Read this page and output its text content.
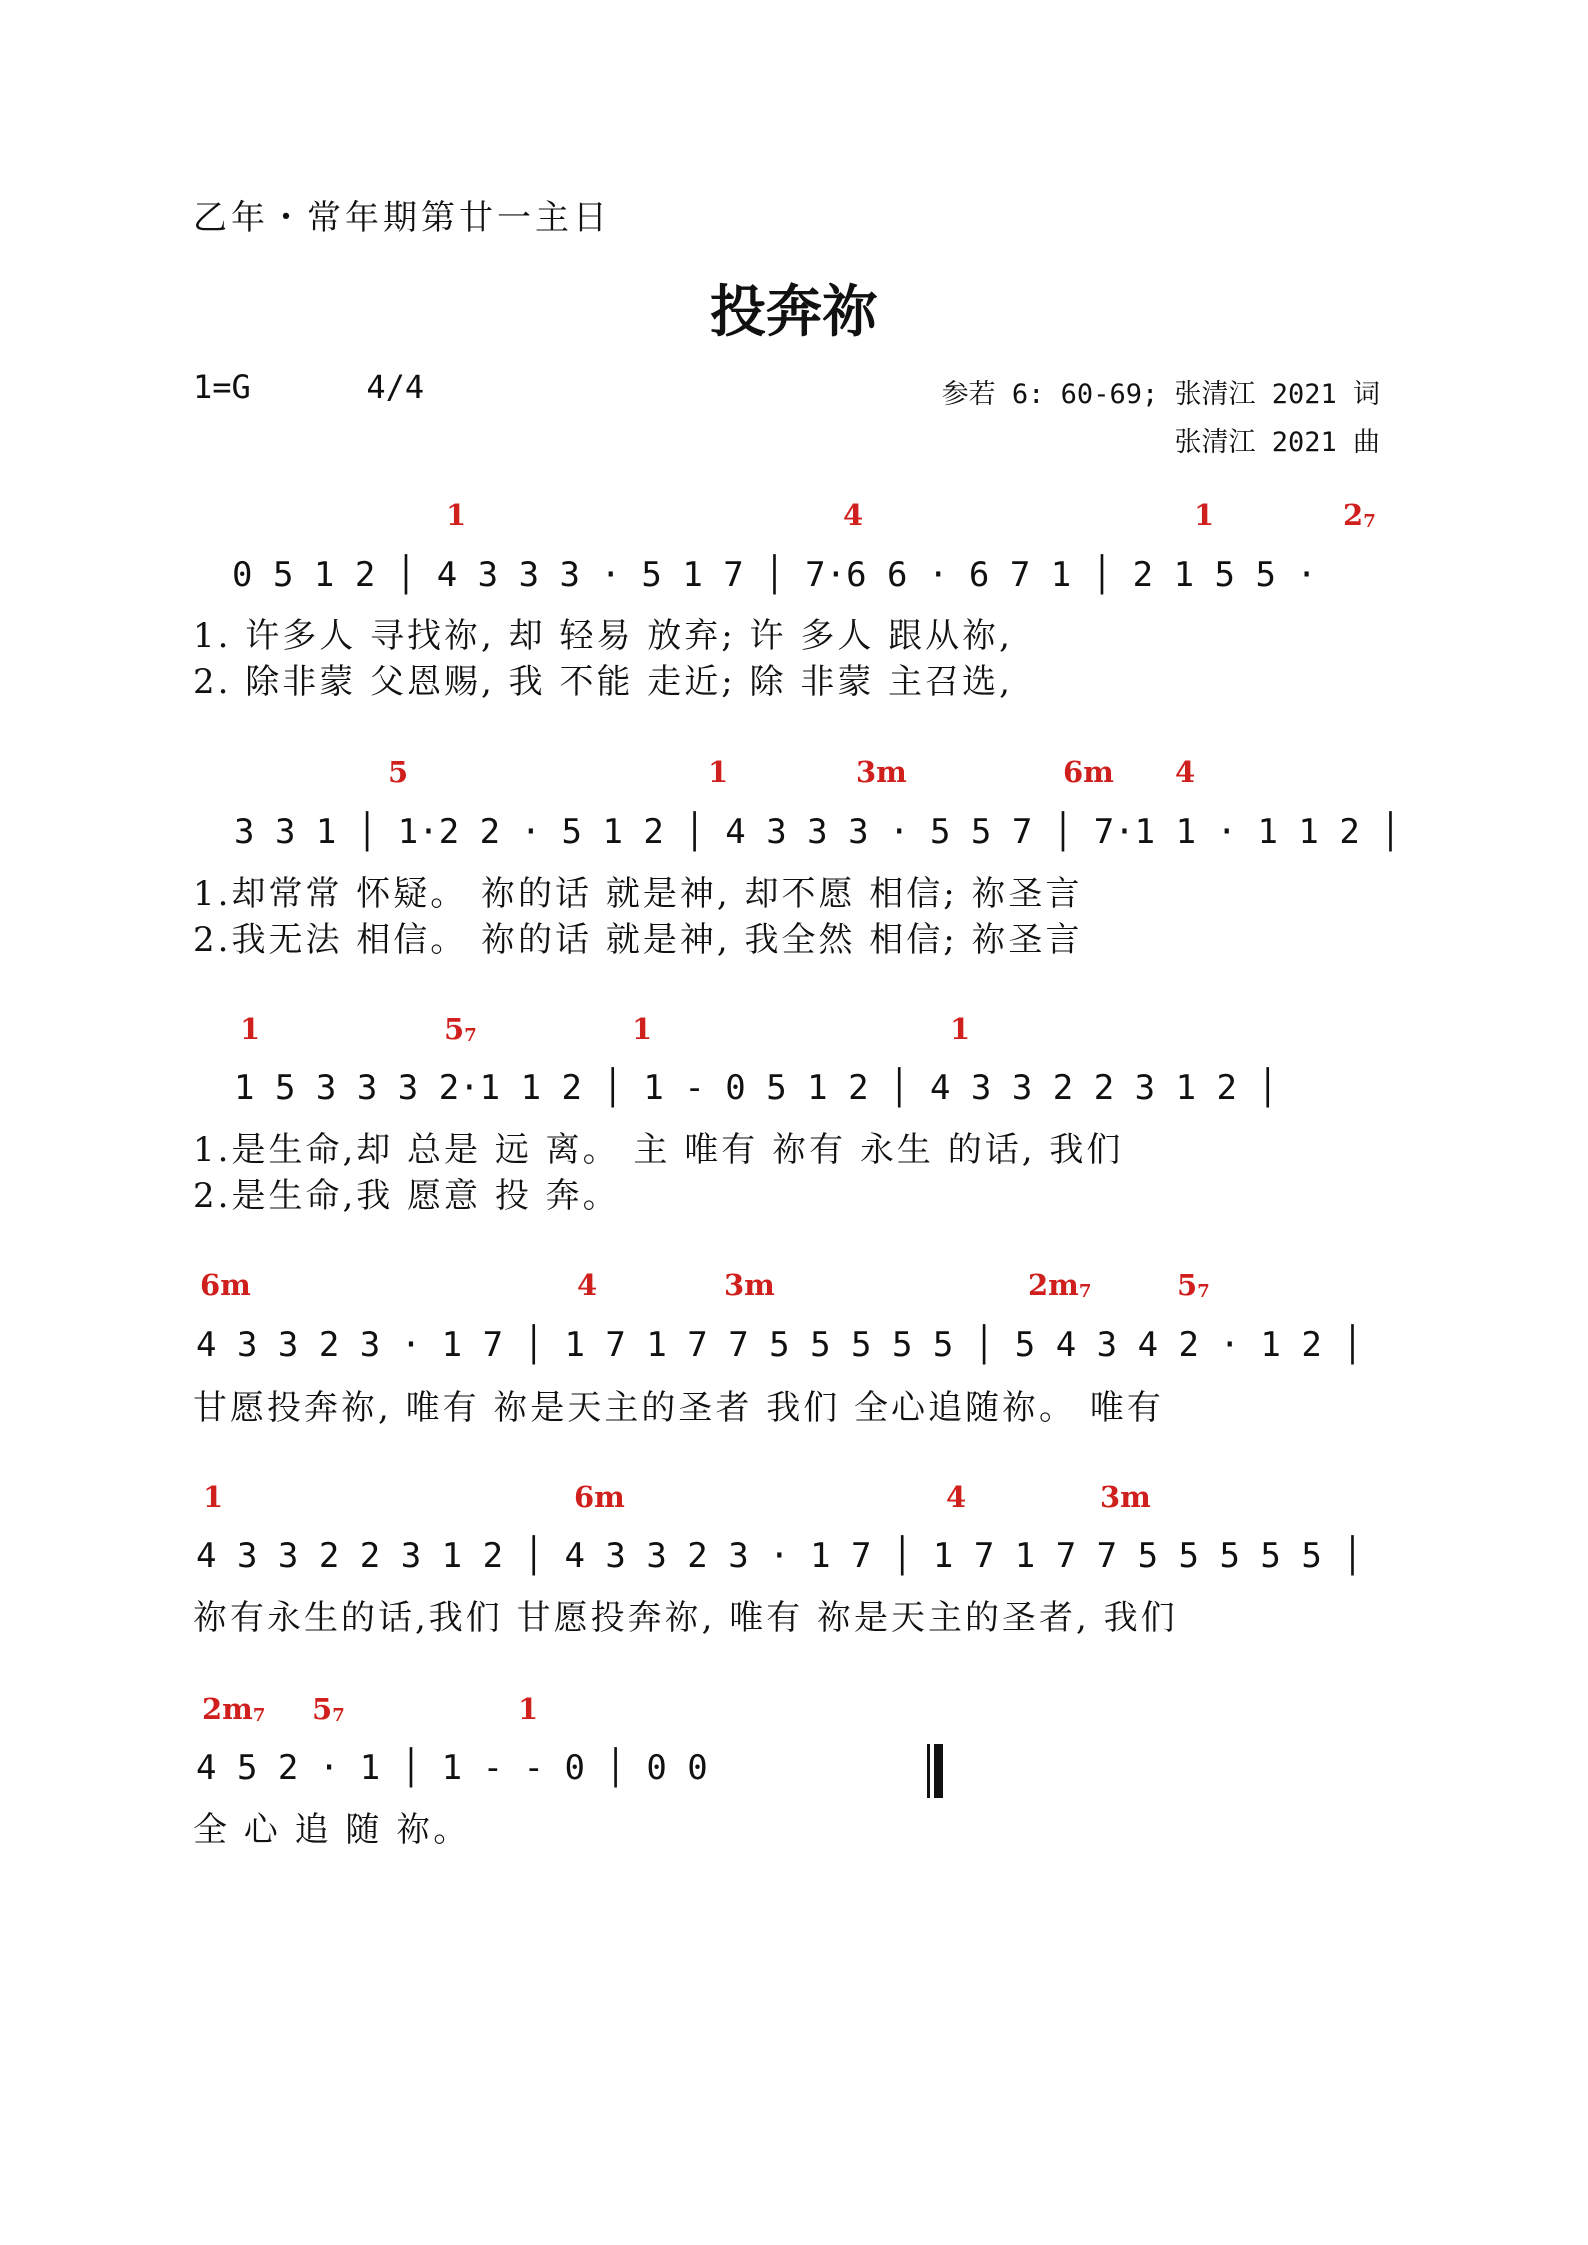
乙年・常年期第廿一主日
投奔祢
1=G      4/4	参若 6: 60-69; 张清江 2021 词
张清江 2021 曲
1	4	1	$2_7$
0 5 1 2 │ 4 3 3 3 · 5 1 7 │ 7·6 6 · 6 7 1 │ 2 1 5 5 ·
1. 许多人 寻找祢, 却 轻易 放弃; 许 多人 跟从祢,
2. 除非蒙 父恩赐, 我 不能 走近; 除 非蒙 主召选,
5	1	3m	6m 4
3 3 1 │ 1·2 2 · 5 1 2 │ 4 3 3 3 · 5 5 7 │ 7·1 1 · 1 1 2 │
1.却常常 怀疑。 祢的话 就是神, 却不愿 相信; 祢圣言
2.我无法 相信。 祢的话 就是神, 我全然 相信; 祢圣言
1	$5_7$	1	1
1 5 3 3 3 2·1 1 2 │ 1 - 0 5 1 2 │ 4 3 3 2 2 3 1 2 │
1.是生命,却 总是 远 离。 主 唯有 祢有 永生 的话, 我们
2.是生命,我 愿意 投 奔。
6m	4	3m	$2m_7$	$5_7$
4 3 3 2 3 · 1 7 │ 1 7 1 7 7 5 5 5 5 5 │ 5 4 3 4 2 · 1 2 │
甘愿投奔祢, 唯有 祢是天主的圣者 我们 全心追随祢。 唯有
1	6m	4	3m
4 3 3 2 2 3 1 2 │ 4 3 3 2 3 · 1 7 │ 1 7 1 7 7 5 5 5 5 5 │
祢有永生的话,我们 甘愿投奔祢, 唯有 祢是天主的圣者, 我们
$2m_7$ $5_7$	1
4 5 2 · 1 │ 1 - - 0 │ 0 0
全 心 追 随 祢。
